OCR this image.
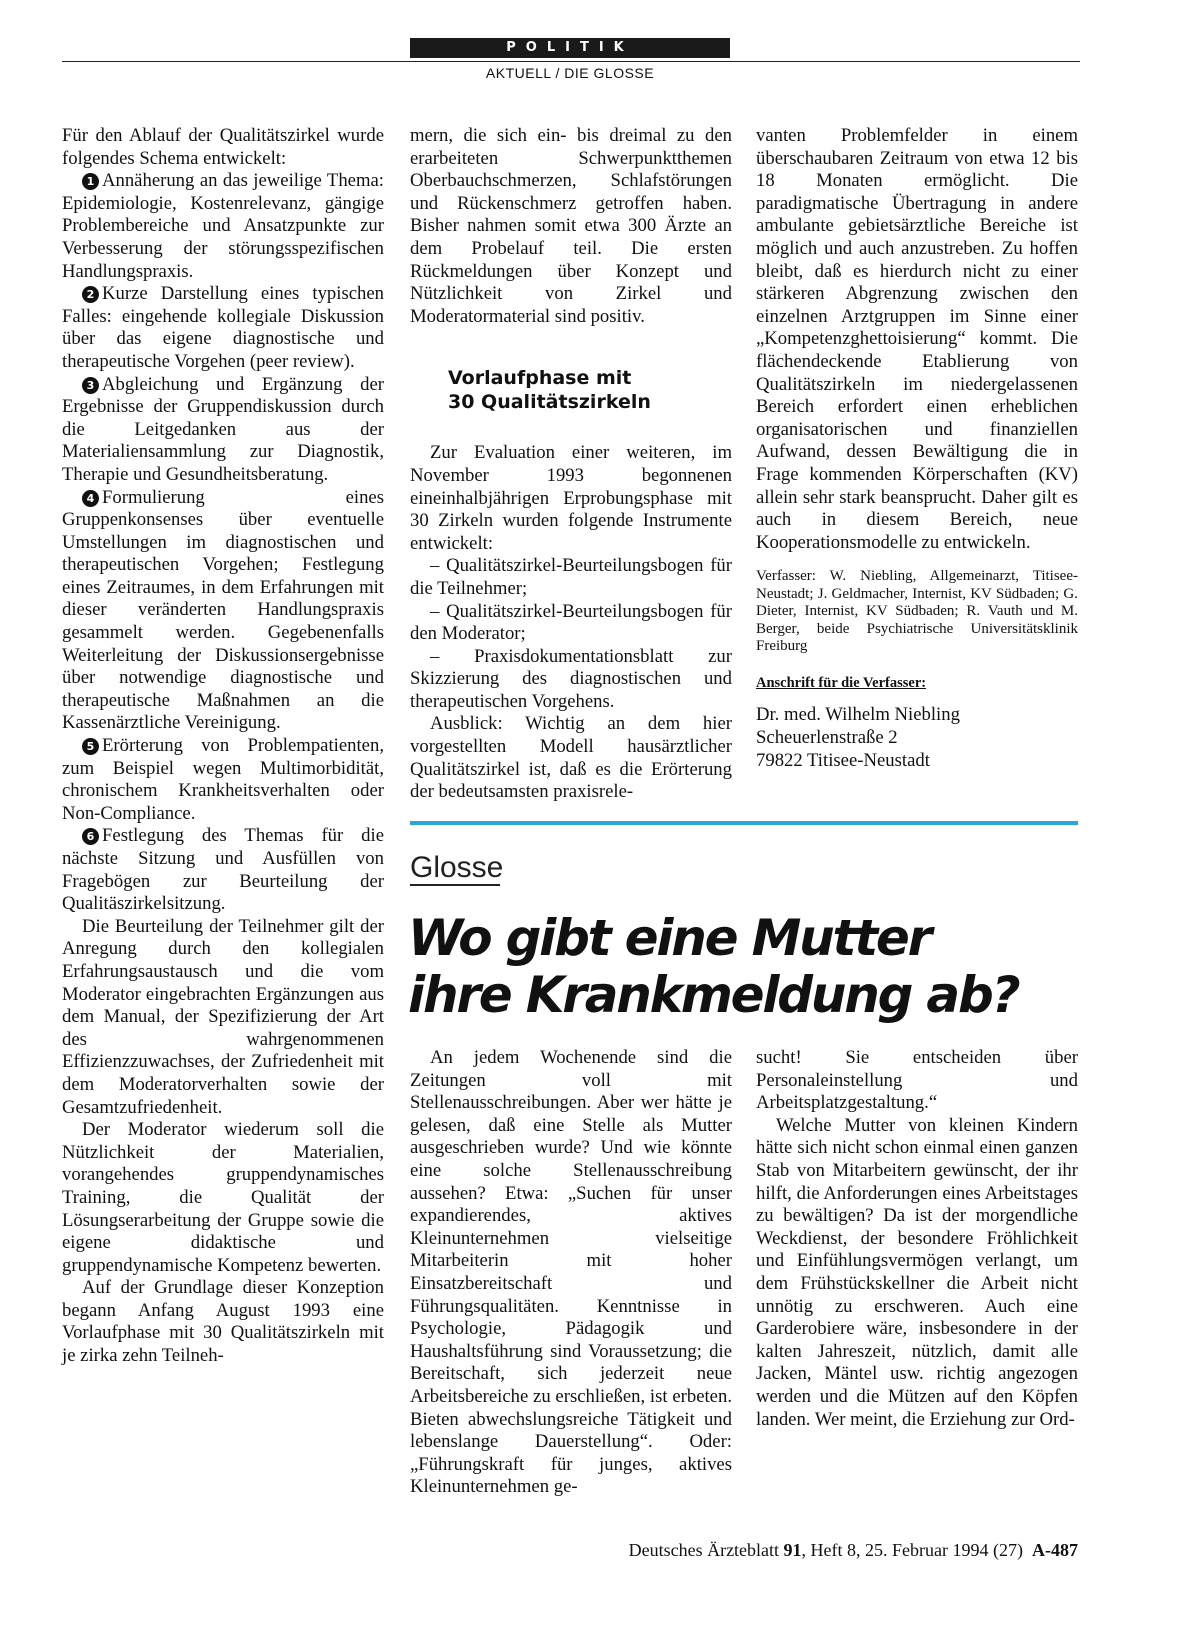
POLITIK
AKTUELL / DIE GLOSSE

Für den Ablauf der Qualitätszirkel wurde folgendes Schema entwickelt:

1 Annäherung an das jeweilige Thema: Epidemiologie, Kostenrelevanz, gängige Problembereiche und Ansatzpunkte zur Verbesserung der störungsspezifischen Handlungspraxis.

2 Kurze Darstellung eines typischen Falles: eingehende kollegiale Diskussion über das eigene diagnostische und therapeutische Vorgehen (peer review).

3 Abgleichung und Ergänzung der Ergebnisse der Gruppendiskussion durch die Leitgedanken aus der Materialiensammlung zur Diagnostik, Therapie und Gesundheitsberatung.

4 Formulierung eines Gruppenkonsenses über eventuelle Umstellungen im diagnostischen und therapeutischen Vorgehen; Festlegung eines Zeitraumes, in dem Erfahrungen mit dieser veränderten Handlungspraxis gesammelt werden. Gegebenenfalls Weiterleitung der Diskussionsergebnisse über notwendige diagnostische und therapeutische Maßnahmen an die Kassenärztliche Vereinigung.

5 Erörterung von Problempatienten, zum Beispiel wegen Multimorbidität, chronischem Krankheitsverhalten oder Non-Compliance.

6 Festlegung des Themas für die nächste Sitzung und Ausfüllen von Fragebögen zur Beurteilung der Qualitäszirkelsitzung.

Die Beurteilung der Teilnehmer gilt der Anregung durch den kollegialen Erfahrungsaustausch und die vom Moderator eingebrachten Ergänzungen aus dem Manual, der Spezifizierung der Art des wahrgenommenen Effizienzzuwachses, der Zufriedenheit mit dem Moderatorverhalten sowie der Gesamtzufriedenheit.

Der Moderator wiederum soll die Nützlichkeit der Materialien, vorangehendes gruppendynamisches Training, die Qualität der Lösungserarbeitung der Gruppe sowie die eigene didaktische und gruppendynamische Kompetenz bewerten.

Auf der Grundlage dieser Konzeption begann Anfang August 1993 eine Vorlaufphase mit 30 Qualitätszirkeln mit je zirka zehn Teilneh-

mern, die sich ein- bis dreimal zu den erarbeiteten Schwerpunktthemen Oberbauchschmerzen, Schlafstörungen und Rückenschmerz getroffen haben. Bisher nahmen somit etwa 300 Ärzte an dem Probelauf teil. Die ersten Rückmeldungen über Konzept und Nützlichkeit von Zirkel und Moderatormaterial sind positiv.

Vorlaufphase mit
30 Qualitätszirkeln

Zur Evaluation einer weiteren, im November 1993 begonnenen eineinhalbjährigen Erprobungsphase mit 30 Zirkeln wurden folgende Instrumente entwickelt:

– Qualitätszirkel-Beurteilungsbogen für die Teilnehmer;

– Qualitätszirkel-Beurteilungsbogen für den Moderator;

– Praxisdokumentationsblatt zur Skizzierung des diagnostischen und therapeutischen Vorgehens.

Ausblick: Wichtig an dem hier vorgestellten Modell hausärztlicher Qualitätszirkel ist, daß es die Erörterung der bedeutsamsten praxisrele-

vanten Problemfelder in einem überschaubaren Zeitraum von etwa 12 bis 18 Monaten ermöglicht. Die paradigmatische Übertragung in andere ambulante gebietsärztliche Bereiche ist möglich und auch anzustreben. Zu hoffen bleibt, daß es hierdurch nicht zu einer stärkeren Abgrenzung zwischen den einzelnen Arztgruppen im Sinne einer „Kompetenzghettoisierung“ kommt. Die flächendeckende Etablierung von Qualitätszirkeln im niedergelassenen Bereich erfordert einen erheblichen organisatorischen und finanziellen Aufwand, dessen Bewältigung die in Frage kommenden Körperschaften (KV) allein sehr stark beansprucht. Daher gilt es auch in diesem Bereich, neue Kooperationsmodelle zu entwickeln.

Verfasser: W. Niebling, Allgemeinarzt, Titisee-Neustadt; J. Geldmacher, Internist, KV Südbaden; G. Dieter, Internist, KV Südbaden; R. Vauth und M. Berger, beide Psychiatrische Universitätsklinik Freiburg
Anschrift für die Verfasser:
Dr. med. Wilhelm Niebling
Scheuerlenstraße 2
79822 Titisee-Neustadt
Glosse
Wo gibt eine Mutter
ihre Krankmeldung ab?

An jedem Wochenende sind die Zeitungen voll mit Stellenausschreibungen. Aber wer hätte je gelesen, daß eine Stelle als Mutter ausgeschrieben wurde? Und wie könnte eine solche Stellenausschreibung aussehen? Etwa: „Suchen für unser expandierendes, aktives Kleinunternehmen vielseitige Mitarbeiterin mit hoher Einsatzbereitschaft und Führungsqualitäten. Kenntnisse in Psychologie, Pädagogik und Haushaltsführung sind Voraussetzung; die Bereitschaft, sich jederzeit neue Arbeitsbereiche zu erschließen, ist erbeten. Bieten abwechslungsreiche Tätigkeit und lebenslange Dauerstellung“. Oder: „Führungskraft für junges, aktives Kleinunternehmen ge-

sucht! Sie entscheiden über Personaleinstellung und Arbeitsplatzgestaltung.“

Welche Mutter von kleinen Kindern hätte sich nicht schon einmal einen ganzen Stab von Mitarbeitern gewünscht, der ihr hilft, die Anforderungen eines Arbeitstages zu bewältigen? Da ist der morgendliche Weckdienst, der besondere Fröhlichkeit und Einfühlungsvermögen verlangt, um dem Frühstückskellner die Arbeit nicht unnötig zu erschweren. Auch eine Garderobiere wäre, insbesondere in der kalten Jahreszeit, nützlich, damit alle Jacken, Mäntel usw. richtig angezogen werden und die Mützen auf den Köpfen landen. Wer meint, die Erziehung zur Ord-

Deutsches Ärzteblatt 91, Heft 8, 25. Februar 1994 (27) A-487
